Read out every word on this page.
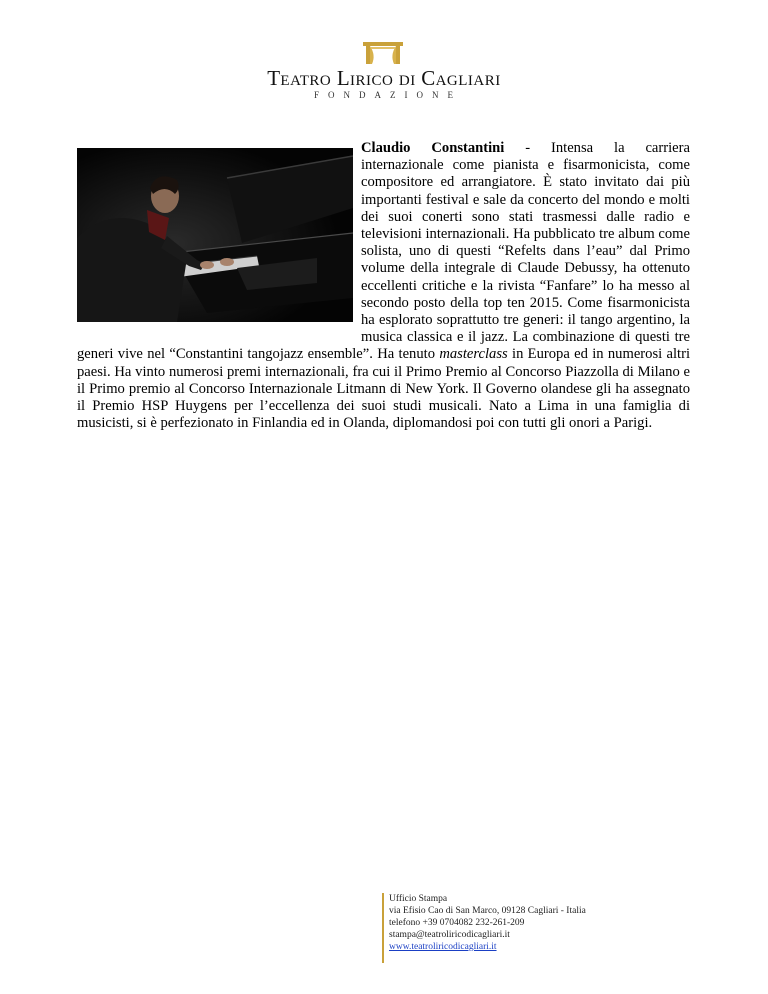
TEATRO LIRICO DI CAGLIARI
FONDAZIONE
Claudio Constantini - Intensa la carriera internazionale come pianista e fisarmonicista, come compositore ed arrangiatore. È stato invitato dai più importanti festival e sale da concerto del mondo e molti dei suoi conerti sono stati trasmessi dalle radio e televisioni internazionali. Ha pubblicato tre album come solista, uno di questi “Refelts dans l’eau” dal Primo volume della integrale di Claude Debussy, ha ottenuto eccellenti critiche e la rivista “Fanfare” lo ha messo al secondo posto della top ten 2015. Come fisarmonicista ha esplorato soprattutto tre generi: il tango argentino, la musica classica e il jazz. La combinazione di questi tre generi vive nel “Constantini tangojazz ensemble”. Ha tenuto masterclass in Europa ed in numerosi altri paesi. Ha vinto numerosi premi internazionali, fra cui il Primo Premio al Concorso Piazzolla di Milano e il Primo premio al Concorso Internazionale Litmann di New York. Il Governo olandese gli ha assegnato il Premio HSP Huygens per l’eccellenza dei suoi studi musicali. Nato a Lima in una famiglia di musicisti, si è perfezionato in Finlandia ed in Olanda, diplomandosi poi con tutti gli onori a Parigi.
Ufficio Stampa
via Efisio Cao di San Marco, 09128 Cagliari - Italia
telefono +39 0704082 232-261-209
stampa@teatroliricodicagliari.it
www.teatroliricodicagliari.it
